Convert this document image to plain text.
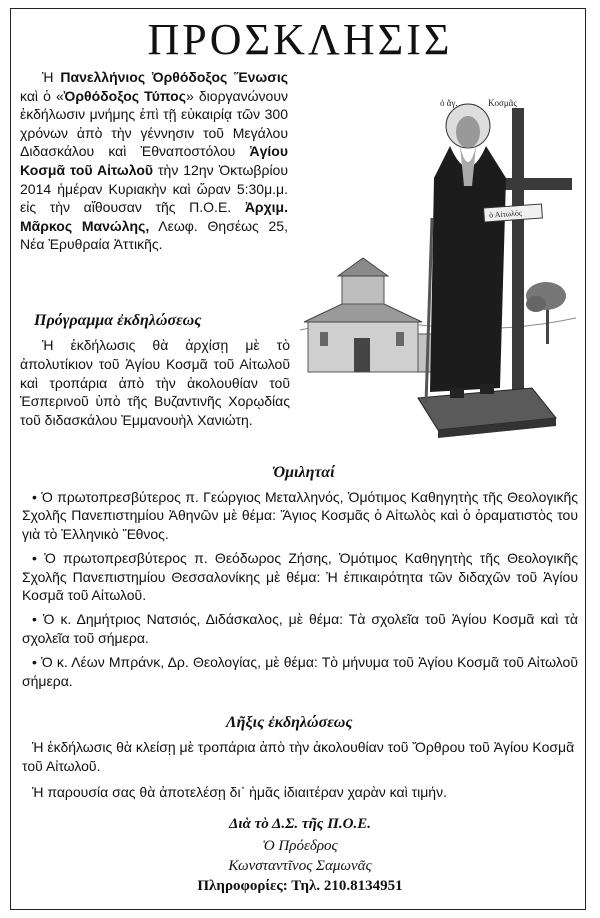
ΠΡΟΣΚΛΗΣΙΣ
Ἡ Πανελλήνιος Ὀρθόδοξος Ἕνωσις καὶ ὁ «Ὀρθόδοξος Τύπος» διοργανώνουν ἐκδήλωσιν μνήμης ἐπὶ τῇ εὐκαιρίᾳ τῶν 300 χρόνων ἀπὸ τὴν γέννησιν τοῦ Μεγάλου Διδασκάλου καὶ Ἐθναποστόλου Ἁγίου Κοσμᾶ τοῦ Αἰτωλοῦ τὴν 12ην Ὀκτωβρίου 2014 ἡμέραν Κυριακὴν καὶ ὥραν 5:30μ.μ. εἰς τὴν αἴθουσαν τῆς Π.Ο.Ε. Ἀρχιμ. Μᾶρκος Μανώλης, Λεωφ. Θησέως 25, Νέα Ἐρυθραία Ἀττικῆς.
ὁ Αἰτωλός
ὁ ἅγ.	Κοσμᾶς
Πρόγραμμα ἐκδηλώσεως
Ἡ ἐκδήλωσις θὰ ἀρχίσῃ μὲ τὸ ἀπολυτίκιον τοῦ Ἁγίου Κοσμᾶ τοῦ Αἰτωλοῦ καὶ τροπάρια ἀπὸ τὴν ἀκολουθίαν τοῦ Ἑσπερινοῦ ὑπὸ τῆς Βυζαντινῆς Χορῳδίας τοῦ διδασκάλου Ἐμμανουὴλ Χανιώτη.
Ὁμιληταί

• Ὁ πρωτοπρεσβύτερος π. Γεώργιος Μεταλληνός, Ὁμότιμος Καθηγητὴς τῆς Θεολογικῆς Σχολῆς Πανεπιστημίου Ἀθηνῶν μὲ θέμα: Ἅγιος Κοσμᾶς ὁ Αἰτωλὸς καὶ ὁ ὁραματιστὸς του γιὰ τὸ Ἑλληνικὸ Ἔθνος.

• Ὁ πρωτοπρεσβύτερος π. Θεόδωρος Ζήσης, Ὁμότιμος Καθηγητὴς τῆς Θεολογικῆς Σχολῆς Πανεπιστημίου Θεσσαλονίκης μὲ θέμα: Ἡ ἐπικαιρότητα τῶν διδαχῶν τοῦ Ἁγίου Κοσμᾶ τοῦ Αἰτωλοῦ.

• Ὁ κ. Δημήτριος Νατσιός, Διδάσκαλος, μὲ θέμα: Τὰ σχολεῖα τοῦ Ἁγίου Κοσμᾶ καὶ τὰ σχολεῖα τοῦ σήμερα.

• Ὁ κ. Λέων Μπράνκ, Δρ. Θεολογίας, μὲ θέμα: Τὸ μήνυμα τοῦ Ἁγίου Κοσμᾶ τοῦ Αἰτωλοῦ σήμερα.

Λῆξις ἐκδηλώσεως

Ἡ ἐκδήλωσις θὰ κλείσῃ μὲ τροπάρια ἀπὸ τὴν ἀκολουθίαν τοῦ Ὄρθρου τοῦ Ἁγίου Κοσμᾶ τοῦ Αἰτωλοῦ.

Ἡ παρουσία σας θὰ ἀποτελέσῃ δι᾽ ἡμᾶς ἰδιαιτέραν χαρὰν καὶ τιμήν.

Διὰ τὸ Δ.Σ. τῆς Π.Ο.Ε.
Ὁ Πρόεδρος
Κωνσταντῖνος Σαμωνᾶς
Πληροφορίες: Τηλ. 210.8134951
